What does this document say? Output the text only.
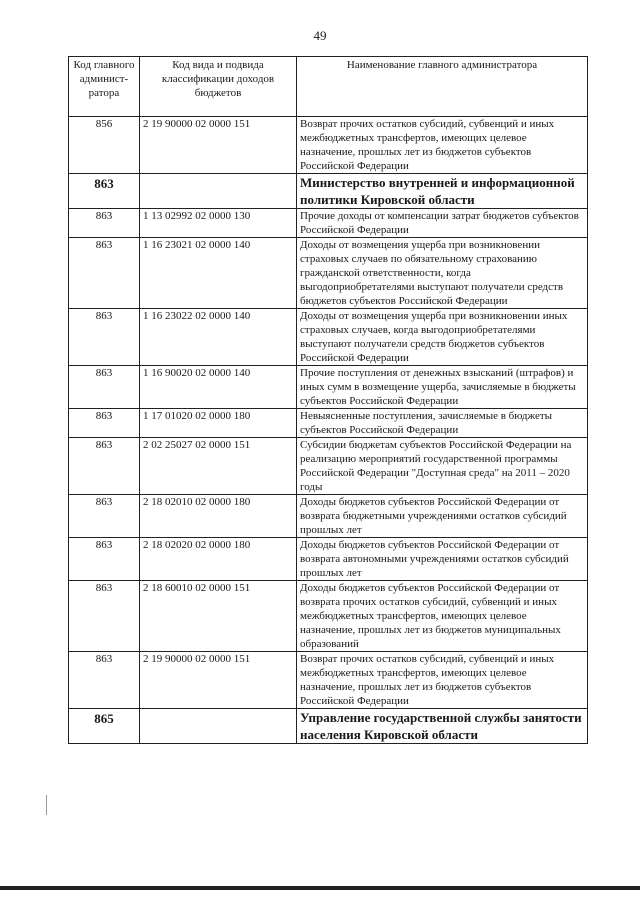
49
Код главного админист-ратора	Код вида и подвида классификации доходов бюджетов	Наименование главного администратора
856	2 19 90000 02 0000 151	Возврат прочих остатков субсидий, субвенций и иных межбюджетных трансфертов, имеющих целевое назначение, прошлых лет из бюджетов субъектов Российской Федерации
863		Министерство внутренней и информационной политики Кировской области
863	1 13 02992 02 0000 130	Прочие доходы от компенсации затрат бюджетов субъектов Российской Федерации
863	1 16 23021 02 0000 140	Доходы от возмещения ущерба при возникновении страховых случаев по обязательному страхованию гражданской ответственности, когда выгодоприобретателями выступают получатели средств бюджетов субъектов Российской Федерации
863	1 16 23022 02 0000 140	Доходы от возмещения ущерба при возникновении иных страховых случаев, когда выгодоприобретателями выступают получатели средств бюджетов субъектов Российской Федерации
863	1 16 90020 02 0000 140	Прочие поступления от денежных взысканий (штрафов) и иных сумм в возмещение ущерба, зачисляемые в бюджеты субъектов Российской Федерации
863	1 17 01020 02 0000 180	Невыясненные поступления, зачисляемые в бюджеты субъектов Российской Федерации
863	2 02 25027 02 0000 151	Субсидии бюджетам субъектов Российской Федерации на реализацию мероприятий государственной программы Российской Федерации "Доступная среда" на 2011 – 2020 годы
863	2 18 02010 02 0000 180	Доходы бюджетов субъектов Российской Федерации от возврата бюджетными учреждениями остатков субсидий прошлых лет
863	2 18 02020 02 0000 180	Доходы бюджетов субъектов Российской Федерации от возврата автономными учреждениями остатков субсидий прошлых лет
863	2 18 60010 02 0000 151	Доходы бюджетов субъектов Российской Федерации от возврата прочих остатков субсидий, субвенций и иных межбюджетных трансфертов, имеющих целевое назначение, прошлых лет из бюджетов муниципальных образований
863	2 19 90000 02 0000 151	Возврат прочих остатков субсидий, субвенций и иных межбюджетных трансфертов, имеющих целевое назначение, прошлых лет из бюджетов субъектов Российской Федерации
865		Управление государственной службы занятости населения Кировской области
